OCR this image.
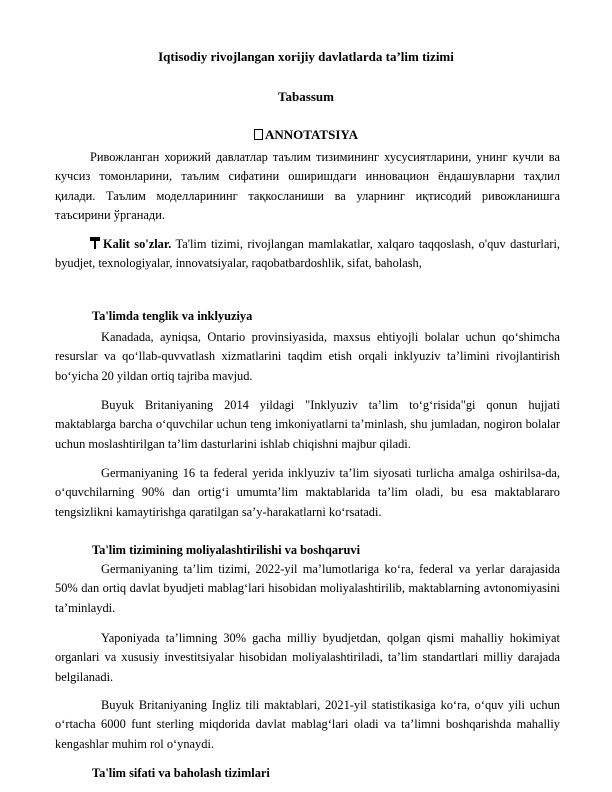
Iqtisodiy rivojlangan xorijiy davlatlarda ta’lim tizimi
Tabassum
ANNOTATSIYA

Ривожланган хорижий давлатлар таълим тизимининг хусусиятларини, унинг кучли ва кучсиз томонларини, таълим сифатини оширишдаги инновацион ёндашувларни таҳлил қилади. Таълим моделларининг тақкосланиши ва уларнинг иқтисодий ривожланишга таъсирини ўрганади.

Kalit so'zlar. Ta'lim tizimi, rivojlangan mamlakatlar, xalqaro taqqoslash, o'quv dasturlari, byudjet, texnologiyalar, innovatsiyalar, raqobatbardoshlik, sifat, baholash,

Ta'limda tenglik va inklyuziya

Kanadada, ayniqsa, Ontario provinsiyasida, maxsus ehtiyojli bolalar uchun qo‘shimcha resurslar va qo‘llab-quvvatlash xizmatlarini taqdim etish orqali inklyuziv ta’limini rivojlantirish bo‘yicha 20 yildan ortiq tajriba mavjud.

Buyuk Britaniyaning 2014 yildagi "Inklyuziv ta’lim to‘g‘risida"gi qonun hujjati maktablarga barcha o‘quvchilar uchun teng imkoniyatlarni ta’minlash, shu jumladan, nogiron bolalar uchun moslashtirilgan ta’lim dasturlarini ishlab chiqishni majbur qiladi.

Germaniyaning 16 ta federal yerida inklyuziv ta’lim siyosati turlicha amalga oshirilsa-da, o‘quvchilarning 90% dan ortig‘i umumta’lim maktablarida ta’lim oladi, bu esa maktablararo tengsizlikni kamaytirishga qaratilgan sa’y-harakatlarni ko‘rsatadi.

Ta'lim tizimining moliyalashtirilishi va boshqaruvi

Germaniyaning ta’lim tizimi, 2022-yil ma’lumotlariga ko‘ra, federal va yerlar darajasida 50% dan ortiq davlat byudjeti mablag‘lari hisobidan moliyalashtirilib, maktablarning avtonomiyasini ta’minlaydi.

Yaponiyada ta’limning 30% gacha milliy byudjetdan, qolgan qismi mahalliy hokimiyat organlari va xususiy investitsiyalar hisobidan moliyalashtiriladi, ta’lim standartlari milliy darajada belgilanadi.

Buyuk Britaniyaning Ingliz tili maktablari, 2021-yil statistikasiga ko‘ra, o‘quv yili uchun o‘rtacha 6000 funt sterling miqdorida davlat mablag‘lari oladi va ta’limni boshqarishda mahalliy kengashlar muhim rol o‘ynaydi.

Ta'lim sifati va baholash tizimlari
